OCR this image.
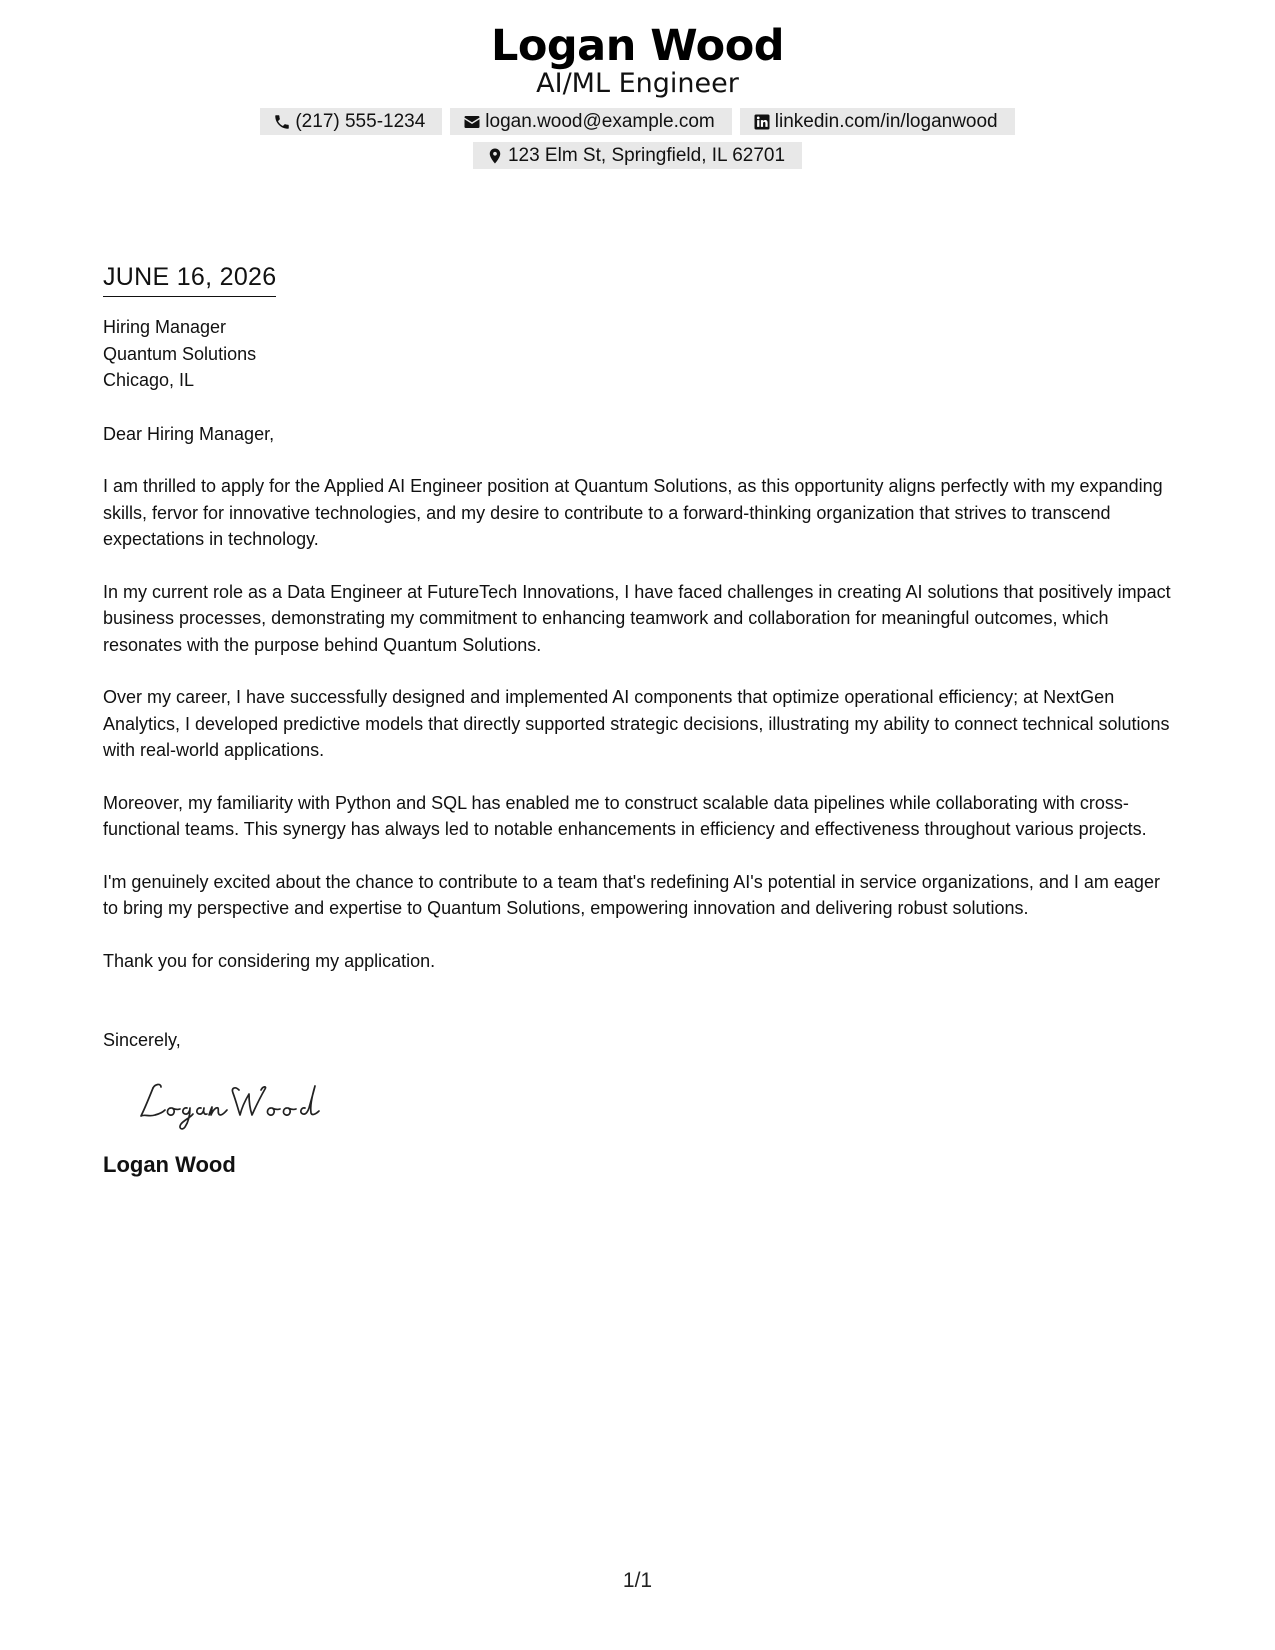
Logan Wood
AI/ML Engineer
(217) 555-1234	logan.wood@example.com	linkedin.com/in/loganwood
123 Elm St, Springfield, IL 62701
JUNE 16, 2026
Hiring Manager
Quantum Solutions
Chicago, IL
Dear Hiring Manager,

I am thrilled to apply for the Applied AI Engineer position at Quantum Solutions, as this opportunity aligns perfectly with my expanding skills, fervor for innovative technologies, and my desire to contribute to a forward-thinking organization that strives to transcend expectations in technology.

In my current role as a Data Engineer at FutureTech Innovations, I have faced challenges in creating AI solutions that positively impact business processes, demonstrating my commitment to enhancing teamwork and collaboration for meaningful outcomes, which resonates with the purpose behind Quantum Solutions.

Over my career, I have successfully designed and implemented AI components that optimize operational efficiency; at NextGen Analytics, I developed predictive models that directly supported strategic decisions, illustrating my ability to connect technical solutions with real-world applications.

Moreover, my familiarity with Python and SQL has enabled me to construct scalable data pipelines while collaborating with cross-functional teams. This synergy has always led to notable enhancements in efficiency and effectiveness throughout various projects.

I'm genuinely excited about the chance to contribute to a team that's redefining AI's potential in service organizations, and I am eager to bring my perspective and expertise to Quantum Solutions, empowering innovation and delivering robust solutions.

Thank you for considering my application.

Sincerely,
Logan Wood
1/1
